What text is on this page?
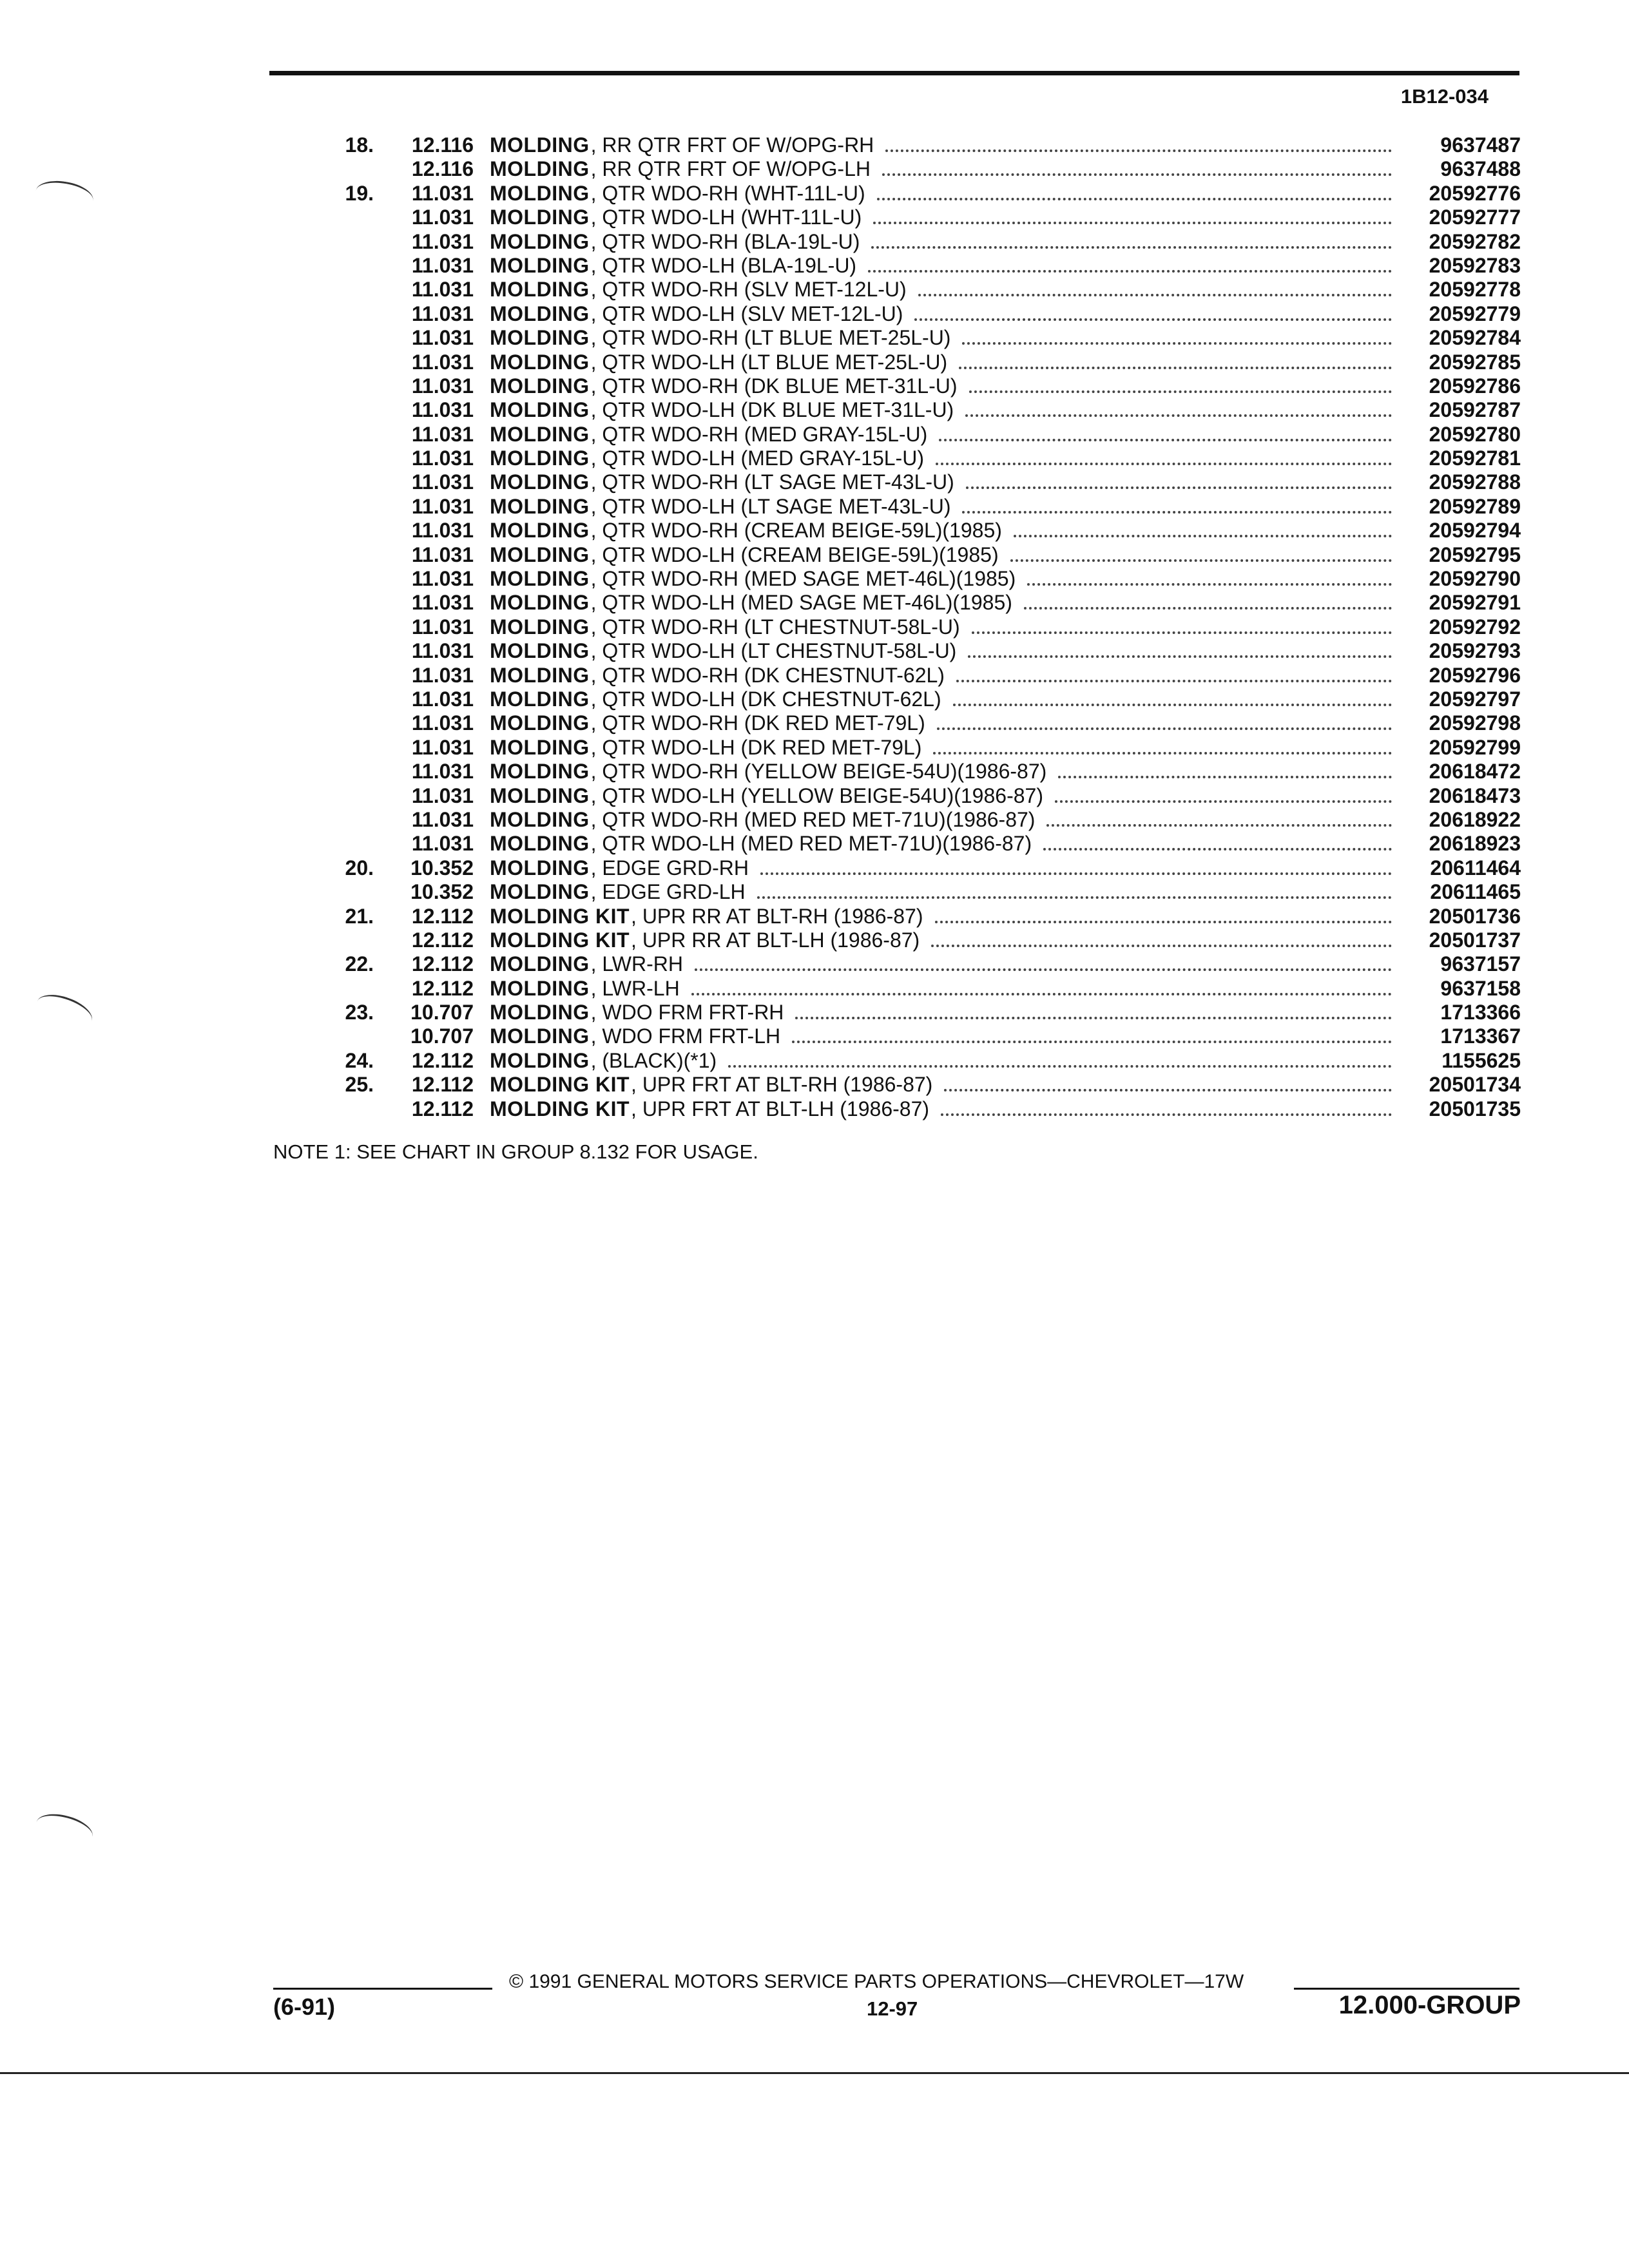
1B12-034
18.	12.116 MOLDING , RR QTR FRT OF W/OPG-RH	9637487
12.116 MOLDING , RR QTR FRT OF W/OPG-LH	9637488
19.	11.031 MOLDING , QTR WDO-RH (WHT-11L-U)	20592776
11.031 MOLDING , QTR WDO-LH (WHT-11L-U)	20592777
11.031 MOLDING , QTR WDO-RH (BLA-19L-U)	20592782
11.031 MOLDING , QTR WDO-LH (BLA-19L-U)	20592783
11.031 MOLDING , QTR WDO-RH (SLV MET-12L-U)	20592778
11.031 MOLDING , QTR WDO-LH (SLV MET-12L-U)	20592779
11.031 MOLDING , QTR WDO-RH (LT BLUE MET-25L-U)	20592784
11.031 MOLDING , QTR WDO-LH (LT BLUE MET-25L-U)	20592785
11.031 MOLDING , QTR WDO-RH (DK BLUE MET-31L-U)	20592786
11.031 MOLDING , QTR WDO-LH (DK BLUE MET-31L-U)	20592787
11.031 MOLDING , QTR WDO-RH (MED GRAY-15L-U)	20592780
11.031 MOLDING , QTR WDO-LH (MED GRAY-15L-U)	20592781
11.031 MOLDING , QTR WDO-RH (LT SAGE MET-43L-U)	20592788
11.031 MOLDING , QTR WDO-LH (LT SAGE MET-43L-U)	20592789
11.031 MOLDING , QTR WDO-RH (CREAM BEIGE-59L)(1985)	20592794
11.031 MOLDING , QTR WDO-LH (CREAM BEIGE-59L)(1985)	20592795
11.031 MOLDING , QTR WDO-RH (MED SAGE MET-46L)(1985)	20592790
11.031 MOLDING , QTR WDO-LH (MED SAGE MET-46L)(1985)	20592791
11.031 MOLDING , QTR WDO-RH (LT CHESTNUT-58L-U)	20592792
11.031 MOLDING , QTR WDO-LH (LT CHESTNUT-58L-U)	20592793
11.031 MOLDING , QTR WDO-RH (DK CHESTNUT-62L)	20592796
11.031 MOLDING , QTR WDO-LH (DK CHESTNUT-62L)	20592797
11.031 MOLDING , QTR WDO-RH (DK RED MET-79L)	20592798
11.031 MOLDING , QTR WDO-LH (DK RED MET-79L)	20592799
11.031 MOLDING , QTR WDO-RH (YELLOW BEIGE-54U)(1986-87)	20618472
11.031 MOLDING , QTR WDO-LH (YELLOW BEIGE-54U)(1986-87)	20618473
11.031 MOLDING , QTR WDO-RH (MED RED MET-71U)(1986-87)	20618922
11.031 MOLDING , QTR WDO-LH (MED RED MET-71U)(1986-87)	20618923
20.	10.352 MOLDING , EDGE GRD-RH	20611464
10.352 MOLDING , EDGE GRD-LH	20611465
21.	12.112 MOLDING KIT , UPR RR AT BLT-RH (1986-87)	20501736
12.112 MOLDING KIT , UPR RR AT BLT-LH (1986-87)	20501737
22.	12.112 MOLDING , LWR-RH	9637157
12.112 MOLDING , LWR-LH	9637158
23.	10.707 MOLDING , WDO FRM FRT-RH	1713366
10.707 MOLDING , WDO FRM FRT-LH	1713367
24.	12.112 MOLDING , (BLACK)(*1)	1155625
25.	12.112 MOLDING KIT , UPR FRT AT BLT-RH (1986-87)	20501734
12.112 MOLDING KIT , UPR FRT AT BLT-LH (1986-87)	20501735
NOTE 1: SEE CHART IN GROUP 8.132 FOR USAGE.
© 1991 GENERAL MOTORS SERVICE PARTS OPERATIONS—CHEVROLET—17W
(6-91)	12-97	12.000-GROUP
